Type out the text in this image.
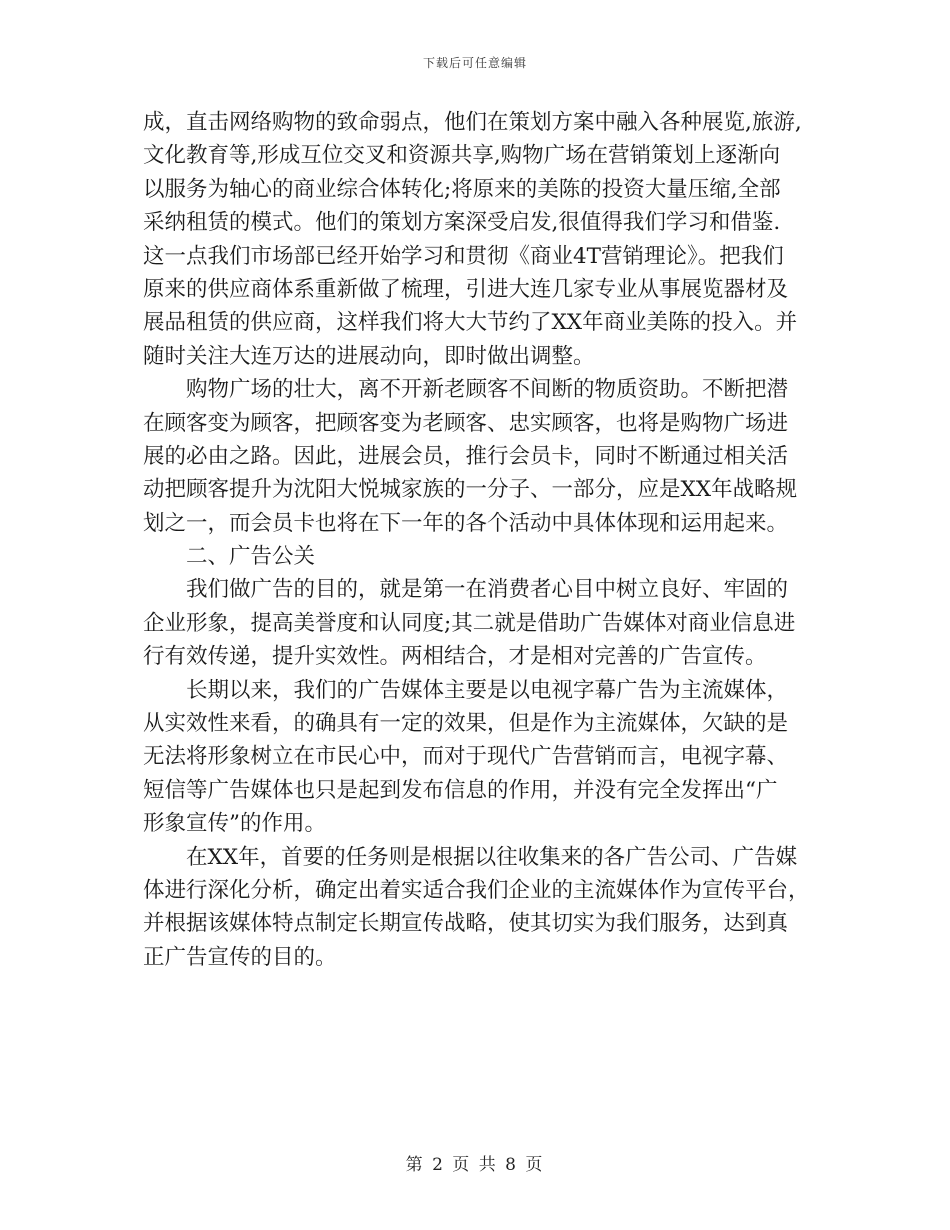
下载后可任意编辑
成，直击网络购物的致命弱点，他们在策划方案中融入各种展览,旅游,
文化教育等,形成互位交叉和资源共享,购物广场在营销策划上逐渐向
以服务为轴心的商业综合体转化;将原来的美陈的投资大量压缩,全部
采纳租赁的模式。他们的策划方案深受启发,很值得我们学习和借鉴.
这一点我们市场部已经开始学习和贯彻《商业4T营销理论》。把我们
原来的供应商体系重新做了梳理，引进大连几家专业从事展览器材及
展品租赁的供应商，这样我们将大大节约了XX年商业美陈的投入。并
随时关注大连万达的进展动向，即时做出调整。
购物广场的壮大，离不开新老顾客不间断的物质资助。不断把潜
在顾客变为顾客，把顾客变为老顾客、忠实顾客，也将是购物广场进
展的必由之路。因此，进展会员，推行会员卡，同时不断通过相关活
动把顾客提升为沈阳大悦城家族的一分子、一部分，应是XX年战略规
划之一，而会员卡也将在下一年的各个活动中具体体现和运用起来。
二、广告公关
我们做广告的目的，就是第一在消费者心目中树立良好、牢固的
企业形象，提高美誉度和认同度;其二就是借助广告媒体对商业信息进
行有效传递，提升实效性。两相结合，才是相对完善的广告宣传。
长期以来，我们的广告媒体主要是以电视字幕广告为主流媒体，
从实效性来看，的确具有一定的效果，但是作为主流媒体，欠缺的是
无法将形象树立在市民心中，而对于现代广告营销而言，电视字幕、
短信等广告媒体也只是起到发布信息的作用，并没有完全发挥出“广
形象宣传”的作用。
在XX年，首要的任务则是根据以往收集来的各广告公司、广告媒
体进行深化分析，确定出着实适合我们企业的主流媒体作为宣传平台，
并根据该媒体特点制定长期宣传战略，使其切实为我们服务，达到真
正广告宣传的目的。
第 2 页 共 8 页
